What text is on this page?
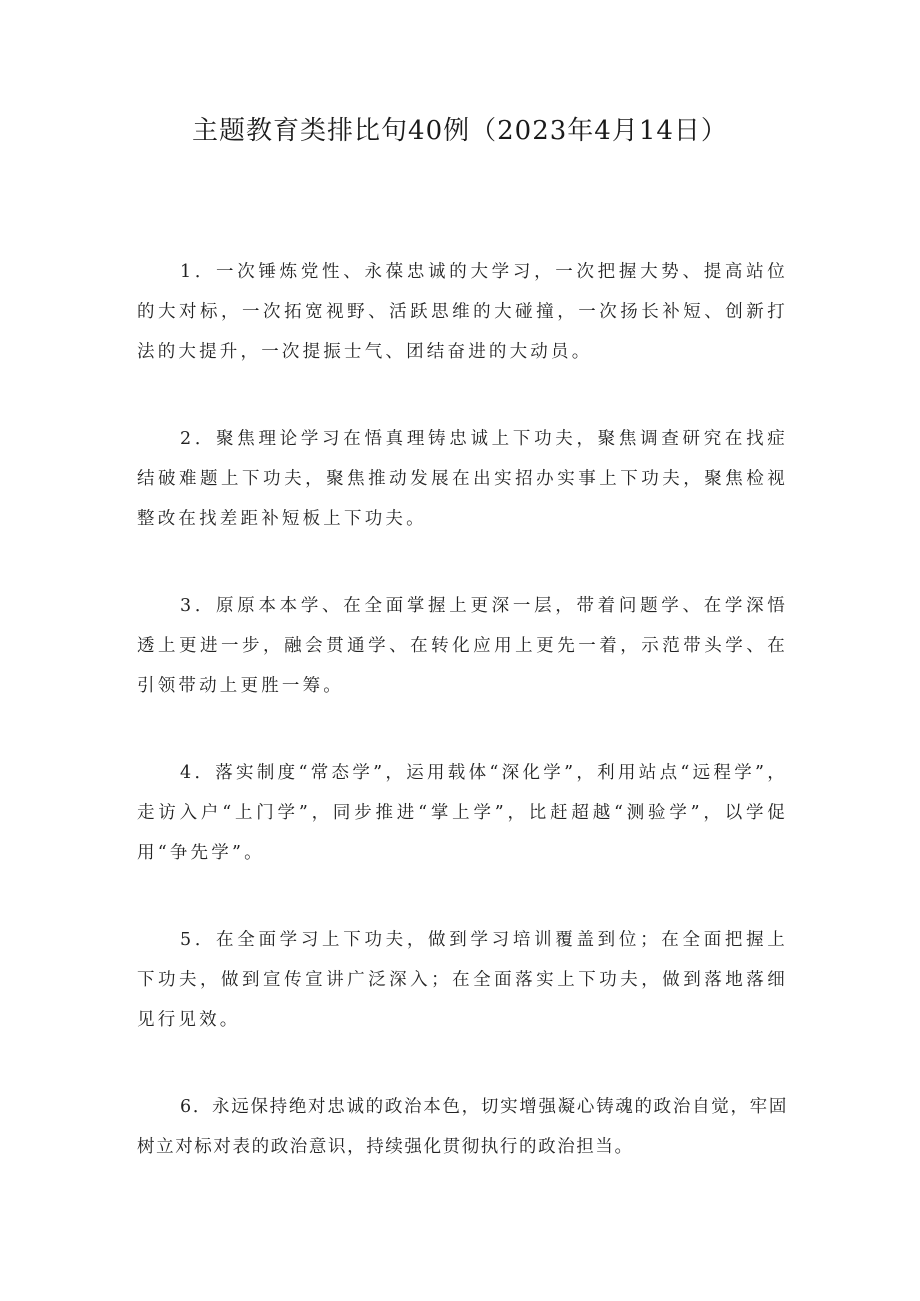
主题教育类排比句40例（2023年4月14日）

1．一次锤炼党性、永葆忠诚的大学习，一次把握大势、提高站位的大对标，一次拓宽视野、活跃思维的大碰撞，一次扬长补短、创新打法的大提升，一次提振士气、团结奋进的大动员。

2．聚焦理论学习在悟真理铸忠诚上下功夫，聚焦调查研究在找症结破难题上下功夫，聚焦推动发展在出实招办实事上下功夫，聚焦检视整改在找差距补短板上下功夫。

3．原原本本学、在全面掌握上更深一层，带着问题学、在学深悟透上更进一步，融会贯通学、在转化应用上更先一着，示范带头学、在引领带动上更胜一筹。

4．落实制度“常态学”，运用载体“深化学”，利用站点“远程学”，走访入户“上门学”，同步推进“掌上学”，比赶超越“测验学”，以学促用“争先学”。

5．在全面学习上下功夫，做到学习培训覆盖到位；在全面把握上下功夫，做到宣传宣讲广泛深入；在全面落实上下功夫，做到落地落细见行见效。

6．永远保持绝对忠诚的政治本色，切实增强凝心铸魂的政治自觉，牢固树立对标对表的政治意识，持续强化贯彻执行的政治担当。
